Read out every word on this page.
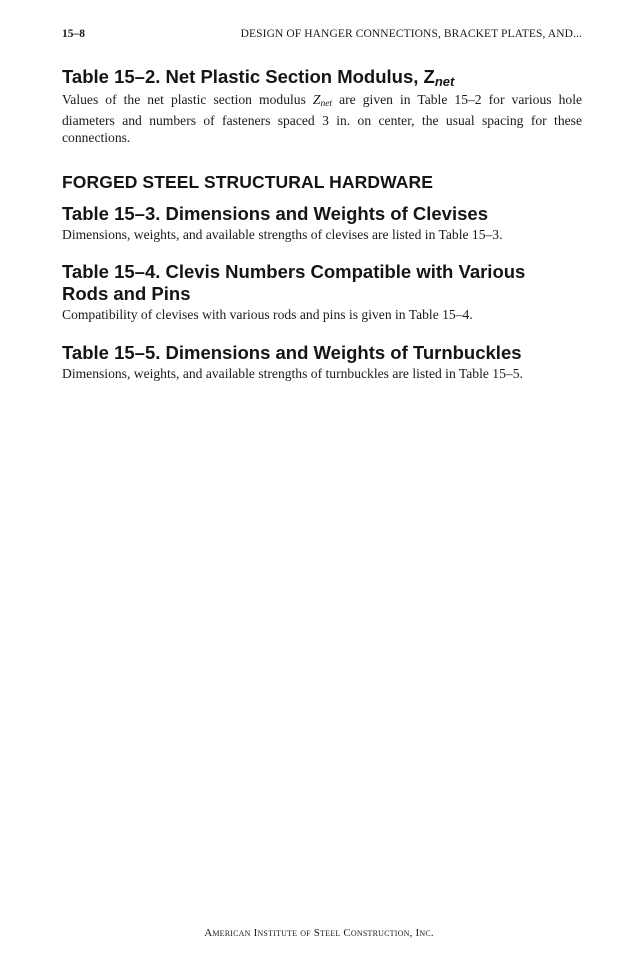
15–8	DESIGN OF HANGER CONNECTIONS, BRACKET PLATES, AND...
Table 15–2. Net Plastic Section Modulus, Znet

Values of the net plastic section modulus Znet are given in Table 15–2 for various hole diameters and numbers of fasteners spaced 3 in. on center, the usual spacing for these connections.

FORGED STEEL STRUCTURAL HARDWARE
Table 15–3. Dimensions and Weights of Clevises

Dimensions, weights, and available strengths of clevises are listed in Table 15–3.

Table 15–4. Clevis Numbers Compatible with Various
Rods and Pins

Compatibility of clevises with various rods and pins is given in Table 15–4.

Table 15–5. Dimensions and Weights of Turnbuckles

Dimensions, weights, and available strengths of turnbuckles are listed in Table 15–5.

American Institute of Steel Construction, Inc.
